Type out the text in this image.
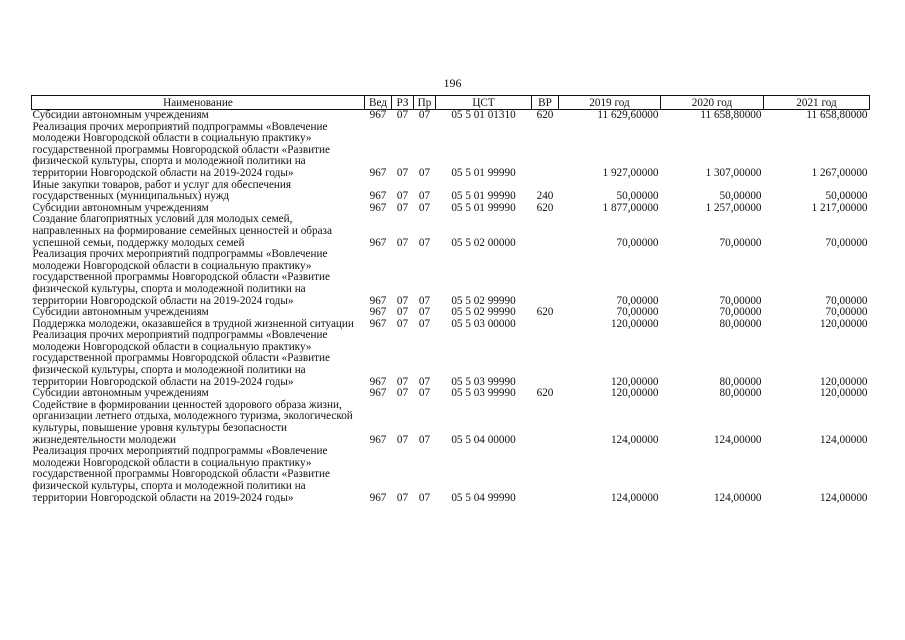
196
Наименование	Вед	РЗ	Пр	ЦСТ	ВР	2019 год	2020 год	2021 год
Субсидии автономным учреждениям	967	07	07	05 5 01 01310	620	11 629,60000	11 658,80000	11 658,80000
Реализация прочих мероприятий подпрограммы «Вовлечение молодежи Новгородской области в социальную практику» государственной программы Новгородской области «Развитие физической культуры, спорта и молодежной политики на территории Новгородской области на 2019-2024 годы»	967	07	07	05 5 01 99990		1 927,00000	1 307,00000	1 267,00000
Иные закупки товаров, работ и услуг для обеспечения государственных (муниципальных) нужд	967	07	07	05 5 01 99990	240	50,00000	50,00000	50,00000
Субсидии автономным учреждениям	967	07	07	05 5 01 99990	620	1 877,00000	1 257,00000	1 217,00000
Создание благоприятных условий для молодых семей, направленных на формирование семейных ценностей и образа успешной семьи, поддержку молодых семей	967	07	07	05 5 02 00000		70,00000	70,00000	70,00000
Реализация прочих мероприятий подпрограммы «Вовлечение молодежи Новгородской области в социальную практику» государственной программы Новгородской области «Развитие физической культуры, спорта и молодежной политики на территории Новгородской области на 2019-2024 годы»	967	07	07	05 5 02 99990		70,00000	70,00000	70,00000
Субсидии автономным учреждениям	967	07	07	05 5 02 99990	620	70,00000	70,00000	70,00000
Поддержка молодежи, оказавшейся в трудной жизненной ситуации	967	07	07	05 5 03 00000		120,00000	80,00000	120,00000
Реализация прочих мероприятий подпрограммы «Вовлечение молодежи Новгородской области в социальную практику» государственной программы Новгородской области «Развитие физической культуры, спорта и молодежной политики на территории Новгородской области на 2019-2024 годы»	967	07	07	05 5 03 99990		120,00000	80,00000	120,00000
Субсидии автономным учреждениям	967	07	07	05 5 03 99990	620	120,00000	80,00000	120,00000
Содействие в формировании ценностей здорового образа жизни, организации летнего отдыха, молодежного туризма, экологической культуры, повышение уровня культуры безопасности жизнедеятельности молодежи	967	07	07	05 5 04 00000		124,00000	124,00000	124,00000
Реализация прочих мероприятий подпрограммы «Вовлечение молодежи Новгородской области в социальную практику» государственной программы Новгородской области «Развитие физической культуры, спорта и молодежной политики на территории Новгородской области на 2019-2024 годы»	967	07	07	05 5 04 99990		124,00000	124,00000	124,00000
